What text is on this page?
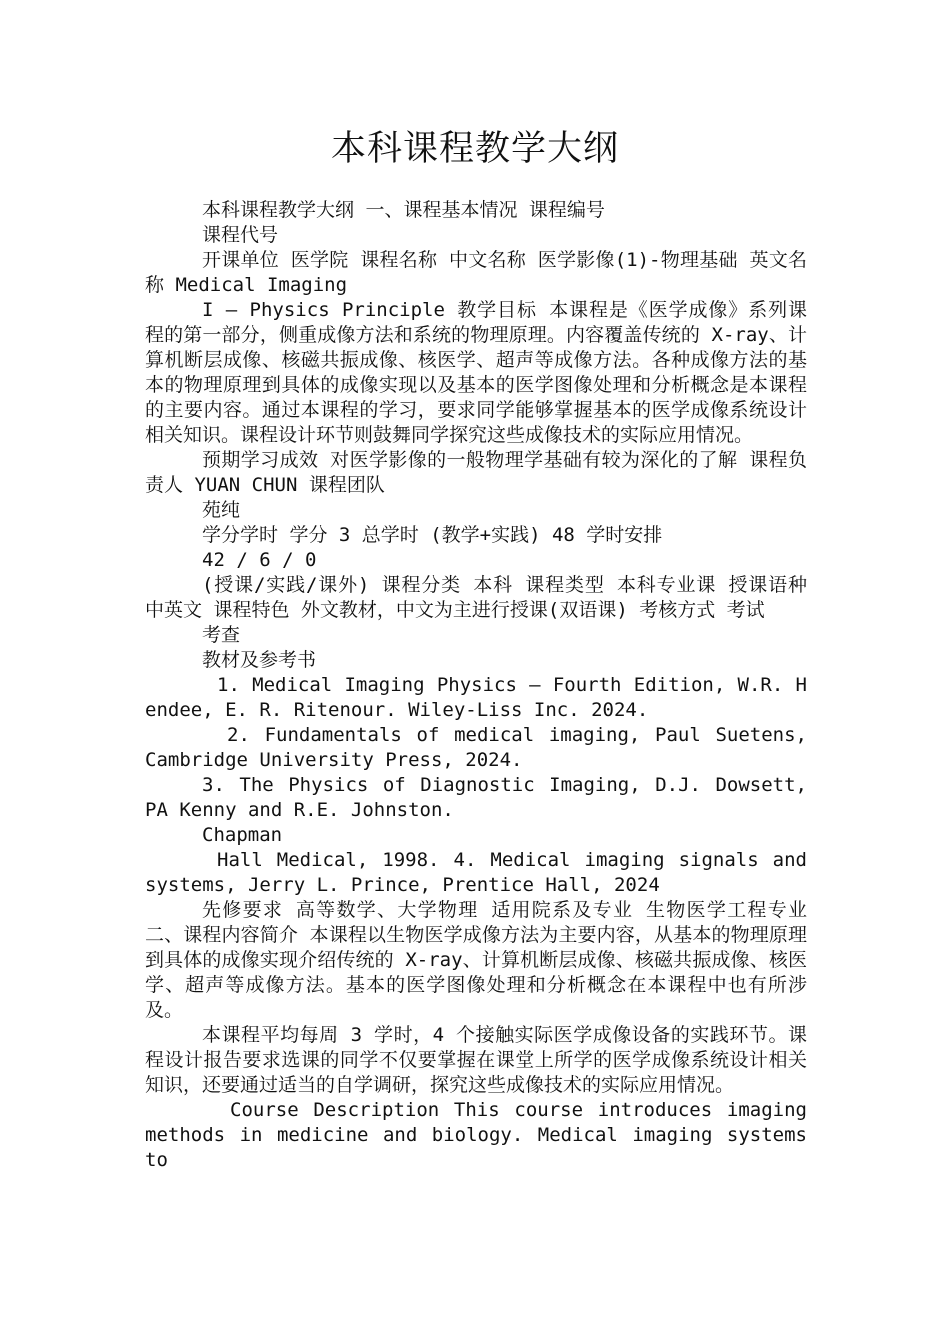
本科课程教学大纲

本科课程教学大纲 一、课程基本情况 课程编号

课程代号

开课单位 医学院 课程名称 中文名称 医学影像(1)-物理基础 英文名称 Medical Imaging

I – Physics Principle 教学目标 本课程是《医学成像》系列课程的第一部分，侧重成像方法和系统的物理原理。内容覆盖传统的 X-ray、计算机断层成像、核磁共振成像、核医学、超声等成像方法。各种成像方法的基本的物理原理到具体的成像实现以及基本的医学图像处理和分析概念是本课程的主要内容。通过本课程的学习，要求同学能够掌握基本的医学成像系统设计相关知识。课程设计环节则鼓舞同学探究这些成像技术的实际应用情况。

预期学习成效 对医学影像的一般物理学基础有较为深化的了解 课程负责人 YUAN CHUN 课程团队

苑纯

学分学时 学分 3 总学时 (教学+实践) 48 学时安排

42 / 6 / 0

(授课/实践/课外) 课程分类 本科 课程类型 本科专业课 授课语种 中英文 课程特色 外文教材，中文为主进行授课(双语课) 考核方式 考试

考查

教材及参考书

1. Medical Imaging Physics – Fourth Edition, W.R. Hendee, E. R. Ritenour. Wiley-Liss Inc. 2024.

2. Fundamentals of medical imaging, Paul Suetens, Cambridge University Press, 2024.

3. The Physics of Diagnostic Imaging, D.J. Dowsett, PA Kenny and R.E. Johnston.

Chapman

Hall Medical, 1998. 4. Medical imaging signals and systems, Jerry L. Prince, Prentice Hall, 2024

先修要求 高等数学、大学物理 适用院系及专业 生物医学工程专业 二、课程内容简介 本课程以生物医学成像方法为主要内容，从基本的物理原理到具体的成像实现介绍传统的 X-ray、计算机断层成像、核磁共振成像、核医学、超声等成像方法。基本的医学图像处理和分析概念在本课程中也有所涉及。

本课程平均每周 3 学时，4 个接触实际医学成像设备的实践环节。课程设计报告要求选课的同学不仅要掌握在课堂上所学的医学成像系统设计相关知识，还要通过适当的自学调研，探究这些成像技术的实际应用情况。

Course Description This course introduces imaging methods in medicine and biology. Medical imaging systems to
